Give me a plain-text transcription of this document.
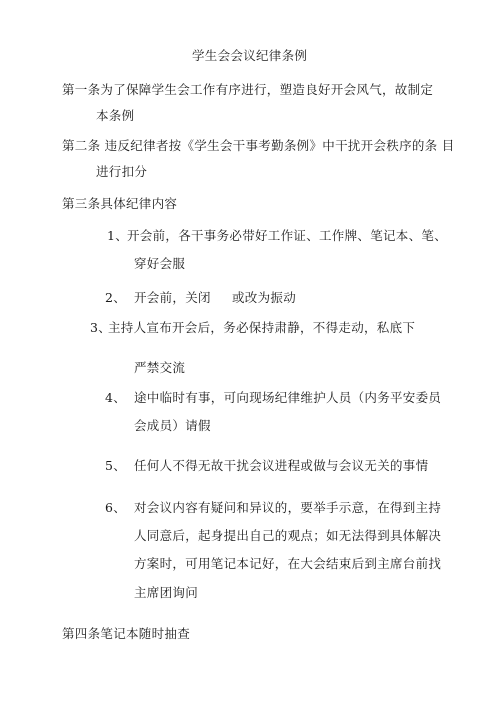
学生会会议纪律条例
第一条为了保障学生会工作有序进行，塑造良好开会风气，故制定
本条例
第二条 违反纪律者按《学生会干事考勤条例》中干扰开会秩序的条 目
进行扣分
第三条具体纪律内容
1、
开会前，各干事务必带好工作证、工作牌、笔记本、笔、
穿好会服
2、 开会前，关闭 或改为振动
3、
主持人宣布开会后，务必保持肃静，不得走动，私底下
严禁交流
4、 途中临时有事，可向现场纪律维护人员（内务平安委员
会成员）请假
5、 任何人不得无故干扰会议进程或做与会议无关的事情
6、 对会议内容有疑问和异议的，要举手示意，在得到主持
人同意后，起身提出自己的观点；如无法得到具体解决
方案时，可用笔记本记好，在大会结束后到主席台前找
主席团询问
第四条笔记本随时抽查
